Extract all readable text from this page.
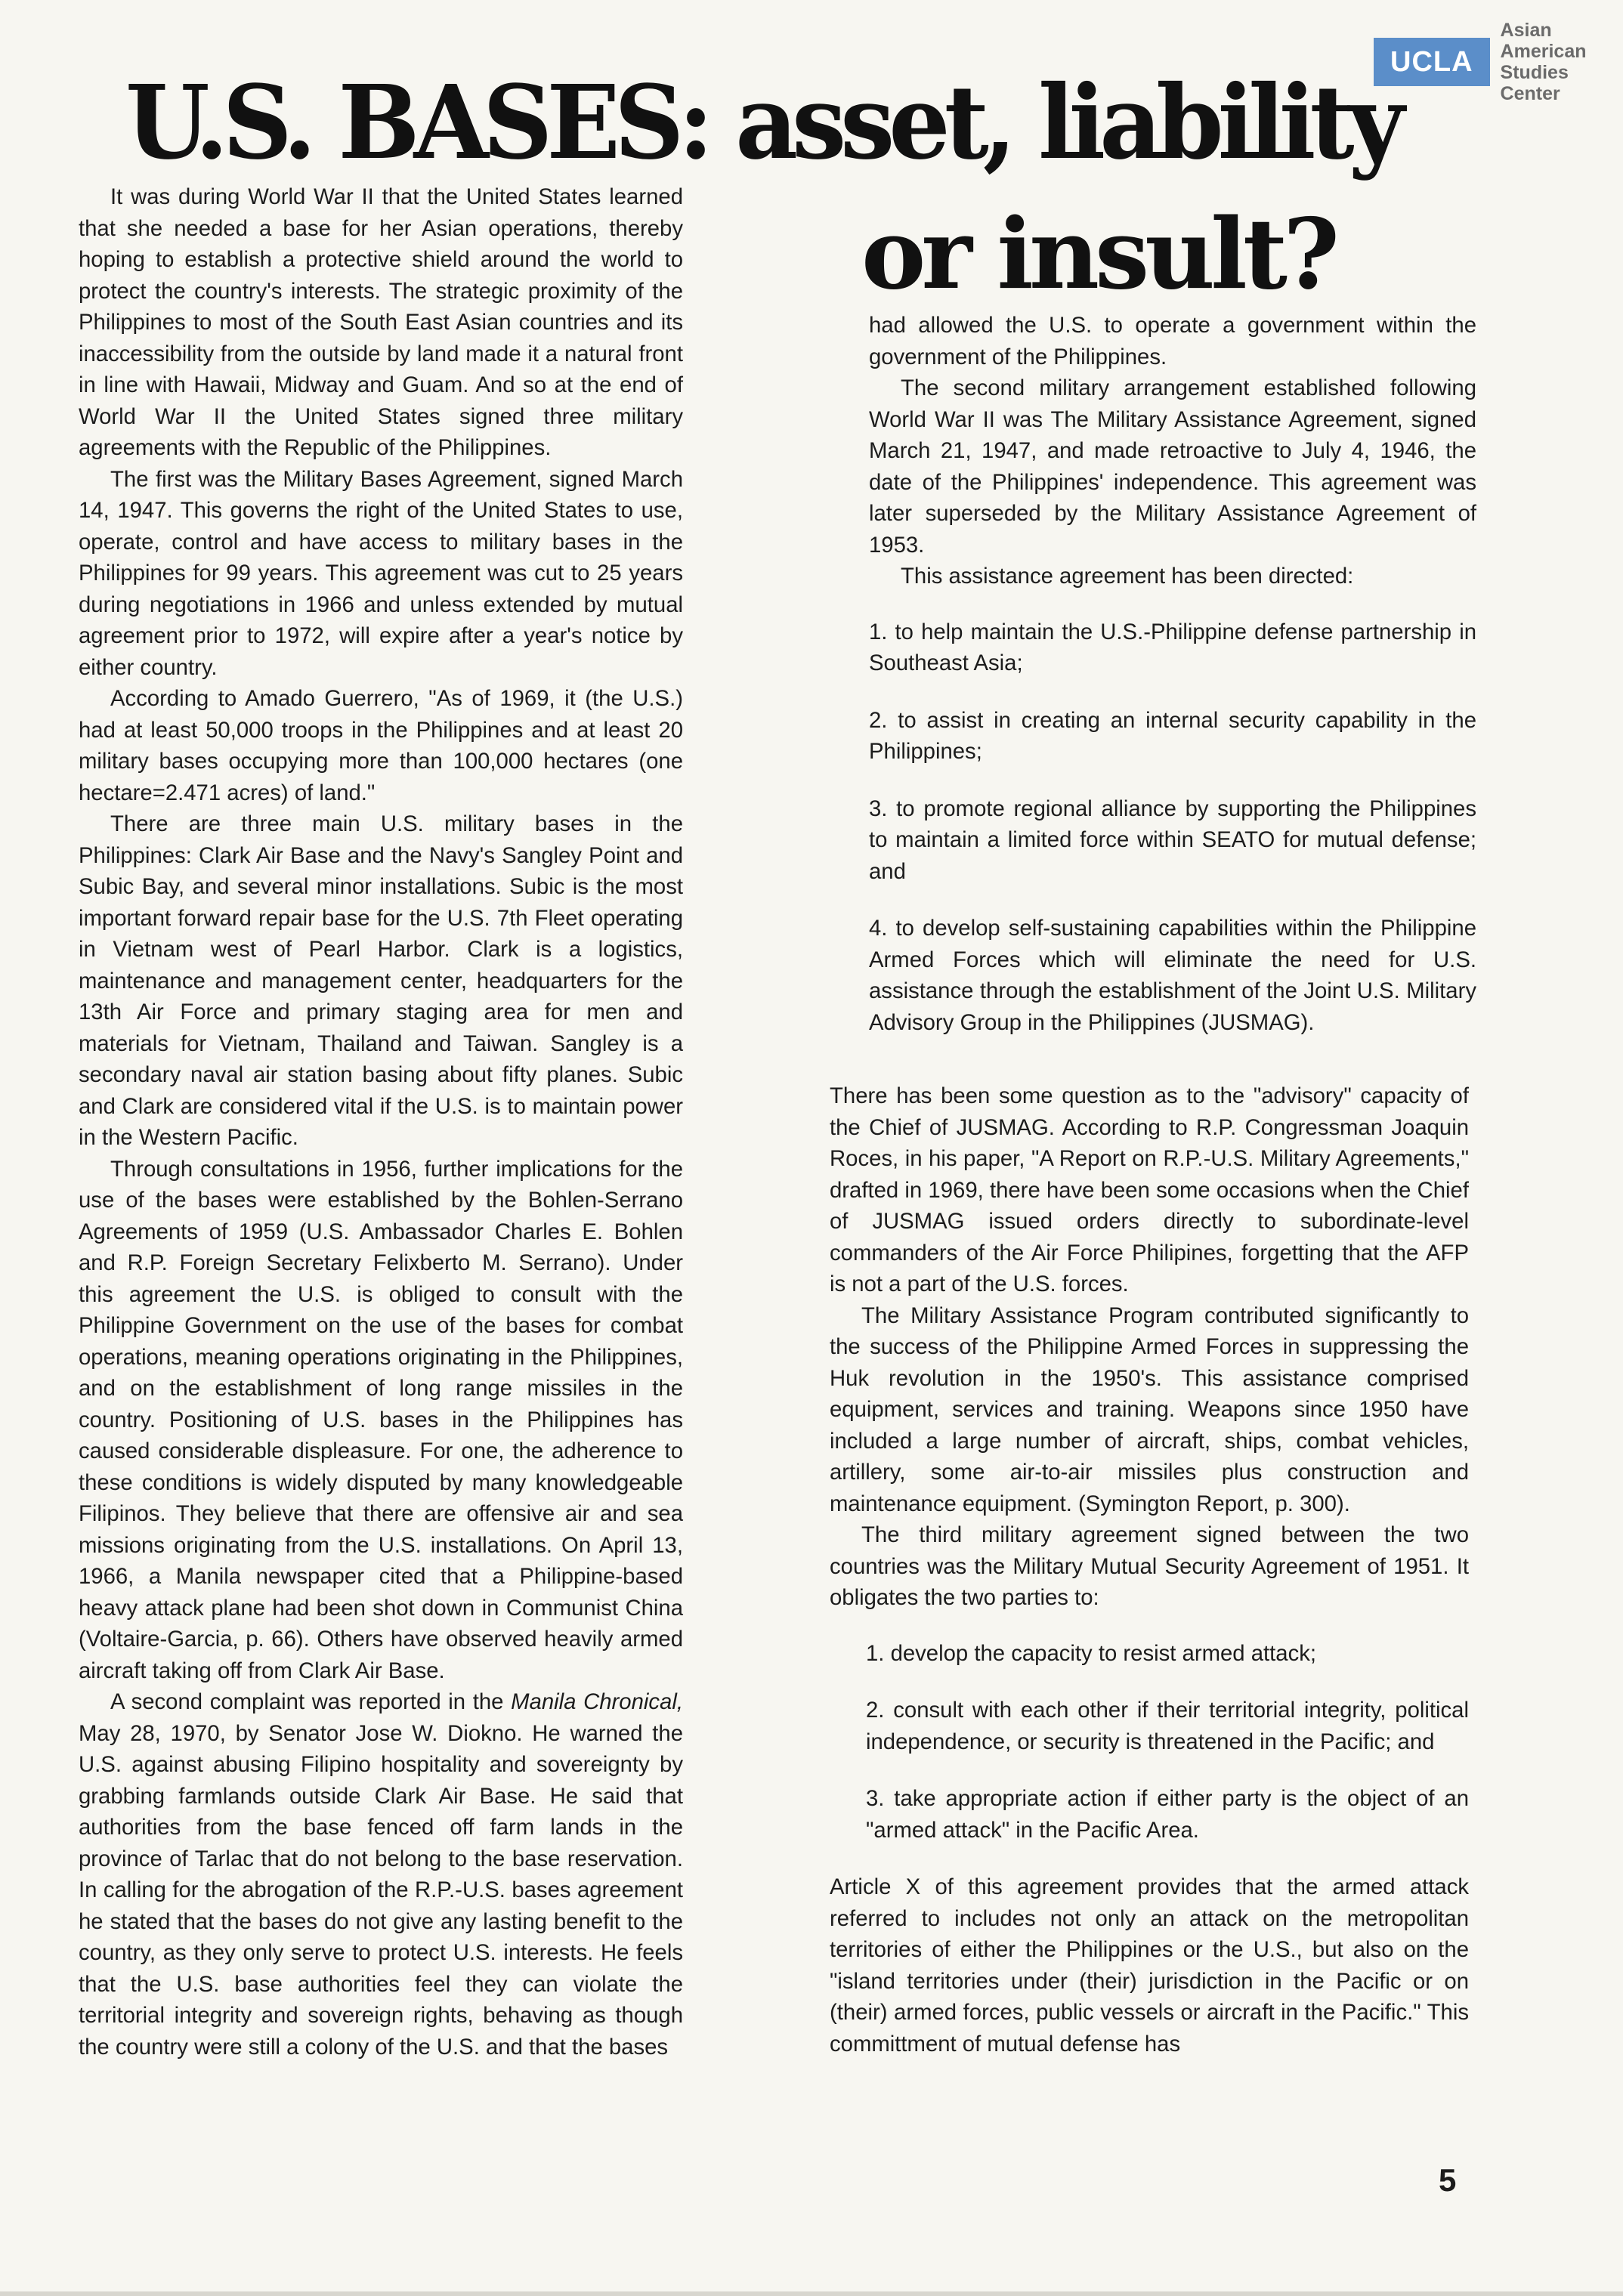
UCLA
Asian American
Studies Center
U.S. BASES: asset, liability
or insult?

It was during World War II that the United States learned that she needed a base for her Asian operations, thereby hoping to establish a protective shield around the world to protect the country's interests. The strategic proximity of the Philippines to most of the South East Asian countries and its inaccessibility from the outside by land made it a natural front in line with Hawaii, Midway and Guam. And so at the end of World War II the United States signed three military agreements with the Republic of the Philippines.

The first was the Military Bases Agreement, signed March 14, 1947. This governs the right of the United States to use, operate, control and have access to military bases in the Philippines for 99 years. This agreement was cut to 25 years during negotiations in 1966 and unless extended by mutual agreement prior to 1972, will expire after a year's notice by either country.

According to Amado Guerrero, "As of 1969, it (the U.S.) had at least 50,000 troops in the Philippines and at least 20 military bases occupying more than 100,000 hectares (one hectare=2.471 acres) of land."

There are three main U.S. military bases in the Philippines: Clark Air Base and the Navy's Sangley Point and Subic Bay, and several minor installations. Subic is the most important forward repair base for the U.S. 7th Fleet operating in Vietnam west of Pearl Harbor. Clark is a logistics, maintenance and management center, headquarters for the 13th Air Force and primary staging area for men and materials for Vietnam, Thailand and Taiwan. Sangley is a secondary naval air station basing about fifty planes. Subic and Clark are considered vital if the U.S. is to maintain power in the Western Pacific.

Through consultations in 1956, further implications for the use of the bases were established by the Bohlen-Serrano Agreements of 1959 (U.S. Ambassador Charles E. Bohlen and R.P. Foreign Secretary Felixberto M. Serrano). Under this agreement the U.S. is obliged to consult with the Philippine Government on the use of the bases for combat operations, meaning operations originating in the Philippines, and on the establishment of long range missiles in the country. Positioning of U.S. bases in the Philippines has caused considerable displeasure. For one, the adherence to these conditions is widely disputed by many knowledgeable Filipinos. They believe that there are offensive air and sea missions originating from the U.S. installations. On April 13, 1966, a Manila newspaper cited that a Philippine-based heavy attack plane had been shot down in Communist China (Voltaire-Garcia, p. 66). Others have observed heavily armed aircraft taking off from Clark Air Base.

A second complaint was reported in the Manila Chronical, May 28, 1970, by Senator Jose W. Diokno. He warned the U.S. against abusing Filipino hospitality and sovereignty by grabbing farmlands outside Clark Air Base. He said that authorities from the base fenced off farm lands in the province of Tarlac that do not belong to the base reservation. In calling for the abrogation of the R.P.-U.S. bases agreement he stated that the bases do not give any lasting benefit to the country, as they only serve to protect U.S. interests. He feels that the U.S. base authorities feel they can violate the territorial integrity and sovereign rights, behaving as though the country were still a colony of the U.S. and that the bases

had allowed the U.S. to operate a government within the government of the Philippines.

The second military arrangement established following World War II was The Military Assistance Agreement, signed March 21, 1947, and made retroactive to July 4, 1946, the date of the Philippines' independence. This agreement was later superseded by the Military Assistance Agreement of 1953.

This assistance agreement has been directed:

1. to help maintain the U.S.-Philippine defense partnership in Southeast Asia;

2. to assist in creating an internal security capability in the Philippines;

3. to promote regional alliance by supporting the Philippines to maintain a limited force within SEATO for mutual defense; and

4. to develop self-sustaining capabilities within the Philippine Armed Forces which will eliminate the need for U.S. assistance through the establishment of the Joint U.S. Military Advisory Group in the Philippines (JUSMAG).

There has been some question as to the "advisory" capacity of the Chief of JUSMAG. According to R.P. Congressman Joaquin Roces, in his paper, "A Report on R.P.-U.S. Military Agreements," drafted in 1969, there have been some occasions when the Chief of JUSMAG issued orders directly to subordinate-level commanders of the Air Force Philipines, forgetting that the AFP is not a part of the U.S. forces.

The Military Assistance Program contributed significantly to the success of the Philippine Armed Forces in suppressing the Huk revolution in the 1950's. This assistance comprised equipment, services and training. Weapons since 1950 have included a large number of aircraft, ships, combat vehicles, artillery, some air-to-air missiles plus construction and maintenance equipment. (Symington Report, p. 300).

The third military agreement signed between the two countries was the Military Mutual Security Agreement of 1951. It obligates the two parties to:

1. develop the capacity to resist armed attack;

2. consult with each other if their territorial integrity, political independence, or security is threatened in the Pacific; and

3. take appropriate action if either party is the object of an "armed attack" in the Pacific Area.

Article X of this agreement provides that the armed attack referred to includes not only an attack on the metropolitan territories of either the Philippines or the U.S., but also on the "island territories under (their) jurisdiction in the Pacific or on (their) armed forces, public vessels or aircraft in the Pacific." This committment of mutual defense has

5
